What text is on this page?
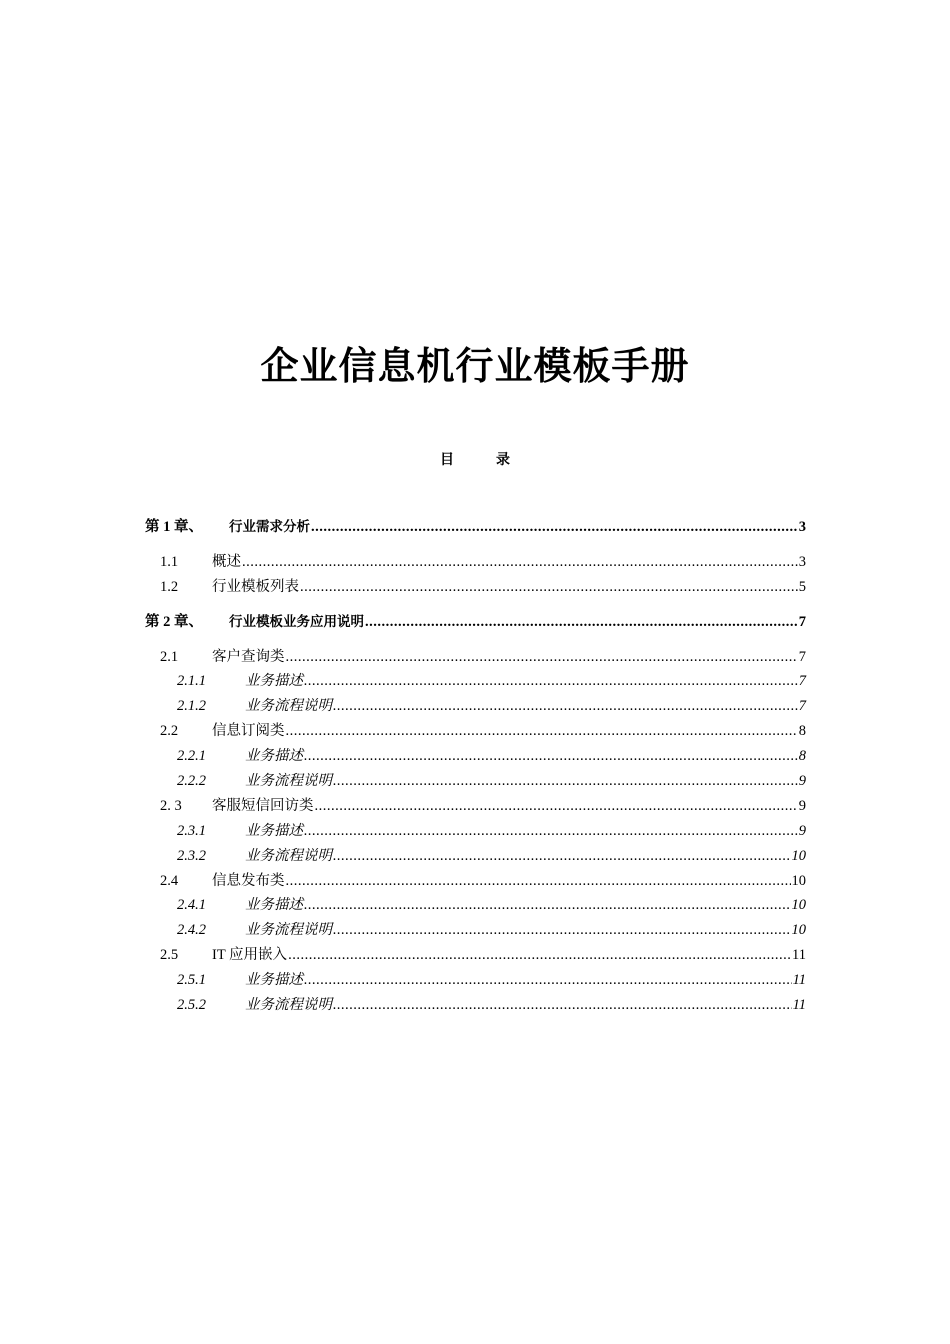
企业信息机行业模板手册
目	录
第 1 章、	行业需求分析 .....	3
1.1	概述 .....	3
1.2	行业模板列表 .....	5
第 2 章、	行业模板业务应用说明 .....	7
2.1	客户查询类 .....	7
2.1.1	业务描述 .....	7
2.1.2	业务流程说明 .....	7
2.2	信息订阅类 .....	8
2.2.1	业务描述 .....	8
2.2.2	业务流程说明 .....	9
2. 3	客服短信回访类 .....	9
2.3.1	业务描述 .....	9
2.3.2	业务流程说明 .....	10
2.4	信息发布类 .....	10
2.4.1	业务描述 .....	10
2.4.2	业务流程说明 .....	10
2.5	IT 应用嵌入 .....	11
2.5.1	业务描述 .....	11
2.5.2	业务流程说明 .....	11
